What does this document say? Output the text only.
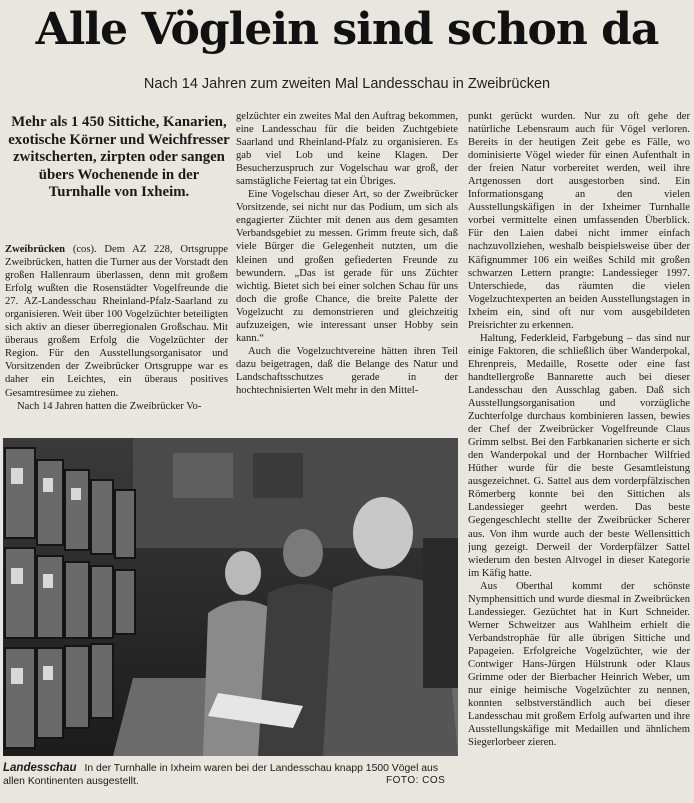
Alle Vöglein sind schon da
Nach 14 Jahren zum zweiten Mal Landesschau in Zweibrücken
Mehr als 1 450 Sittiche, Kanarien, exotische Körner und Weichfresser zwitscherten, zirpten oder sangen übers Wochenende in der Turnhalle von Ixheim.

Zweibrücken (cos). Dem AZ 228, Ortsgruppe Zweibrücken, hatten die Turner aus der Vorstadt den großen Hallenraum überlassen, denn mit großem Erfolg wußten die Rosenstädter Vogelfreunde die 27. AZ-Landesschau Rheinland-Pfalz-Saarland zu organisieren. Weit über 100 Vogelzüchter beteiligten sich aktiv an dieser überregionalen Großschau. Mit überaus großem Erfolg die Vogelzüchter der Region. Für den Ausstellungsorganisator und Vorsitzenden der Zweibrücker Ortsgruppe war es daher ein Leichtes, ein überaus positives Gesamtresümee zu ziehen.

Nach 14 Jahren hatten die Zweibrücker Vo-

gelzüchter ein zweites Mal den Auftrag bekommen, eine Landesschau für die beiden Zuchtgebiete Saarland und Rheinland-Pfalz zu organisieren. Es gab viel Lob und keine Klagen. Der Besucherzuspruch zur Vogelschau war groß, der samstägliche Feiertag tat ein Übriges.

Eine Vogelschau dieser Art, so der Zweibrücker Vorsitzende, sei nicht nur das Podium, um sich als engagierter Züchter mit denen aus dem gesamten Verbandsgebiet zu messen. Grimm freute sich, daß viele Bürger die Gelegenheit nutzten, um die kleinen und großen gefiederten Freunde zu bewundern. „Das ist gerade für uns Züchter wichtig. Bietet sich bei einer solchen Schau für uns doch die große Chance, die breite Palette der Vogelzucht zu demonstrieren und gleichzeitig aufzuzeigen, wie interessant unser Hobby sein kann.“

Auch die Vogelzuchtvereine hätten ihren Teil dazu beigetragen, daß die Belange des Natur und Landschaftsschutzes gerade in der hochtechnisierten Welt mehr in den Mittel-

punkt gerückt wurden. Nur zu oft gehe der natürliche Lebensraum auch für Vögel verloren. Bereits in der heutigen Zeit gebe es Fälle, wo dominisierte Vögel wieder für einen Aufenthalt in der freien Natur vorbereitet werden, weil ihre Artgenossen dort ausgestorben sind. Ein Informationsgang an den vielen Ausstellungskäfigen in der Ixheimer Turnhalle vorbei vermittelte einen umfassenden Überblick. Für den Laien dabei nicht immer einfach nachzuvollziehen, weshalb beispielsweise über der Käfignummer 106 ein weißes Schild mit großen schwarzen Lettern prangte: Landessieger 1997. Unterschiede, das räumten die vielen Vogelzuchtexperten an beiden Ausstellungstagen in Ixheim ein, sind oft nur vom ausgebildeten Preisrichter zu erkennen.

Haltung, Federkleid, Farbgebung – das sind nur einige Faktoren, die schließlich über Wanderpokal, Ehrenpreis, Medaille, Rosette oder eine fast handtellergroße Bannarette auch bei dieser Landesschau den Ausschlag gaben. Daß sich Ausstellungsorganisation und vorzügliche Zuchterfolge durchaus kombinieren lassen, bewies der Chef der Zweibrücker Vogelfreunde Claus Grimm selbst. Bei den Farbkanarien sicherte er sich den Wanderpokal und der Hornbacher Wilfried Hüther wurde für die beste Gesamtleistung ausgezeichnet. G. Sattel aus dem vorderpfälzischen Römerberg konnte bei den Sittichen als Landessieger geehrt werden. Das beste Gegengeschlecht stellte der Zweibrücker Scherer aus. Von ihm wurde auch der beste Wellensittich jung gezeigt. Derweil der Vorderpfälzer Sattel wiederum den besten Altvogel in dieser Kategorie im Käfig hatte.

Aus Oberthal kommt der schönste Nymphensittich und wurde diesmal in Zweibrücken Landessieger. Gezüchtet hat in Kurt Schneider. Werner Schweitzer aus Wahlheim erhielt die Verbandstrophäe für alle übrigen Sittiche und Papageien. Erfolgreiche Vogelzüchter, wie der Contwiger Hans-Jürgen Hülstrunk oder Klaus Grimme oder der Bierbacher Heinrich Weber, um nur einige heimische Vogelzüchter zu nennen, konnten selbstverständlich auch bei dieser Landesschau mit großem Erfolg aufwarten und ihre Ausstellungskäfige mit Medaillen und ähnlichem Siegerlorbeer zieren.

Landesschau In der Turnhalle in Ixheim waren bei der Landesschau knapp 1500 Vögel aus allen Kontinenten ausgestellt.	FOTO: COS
